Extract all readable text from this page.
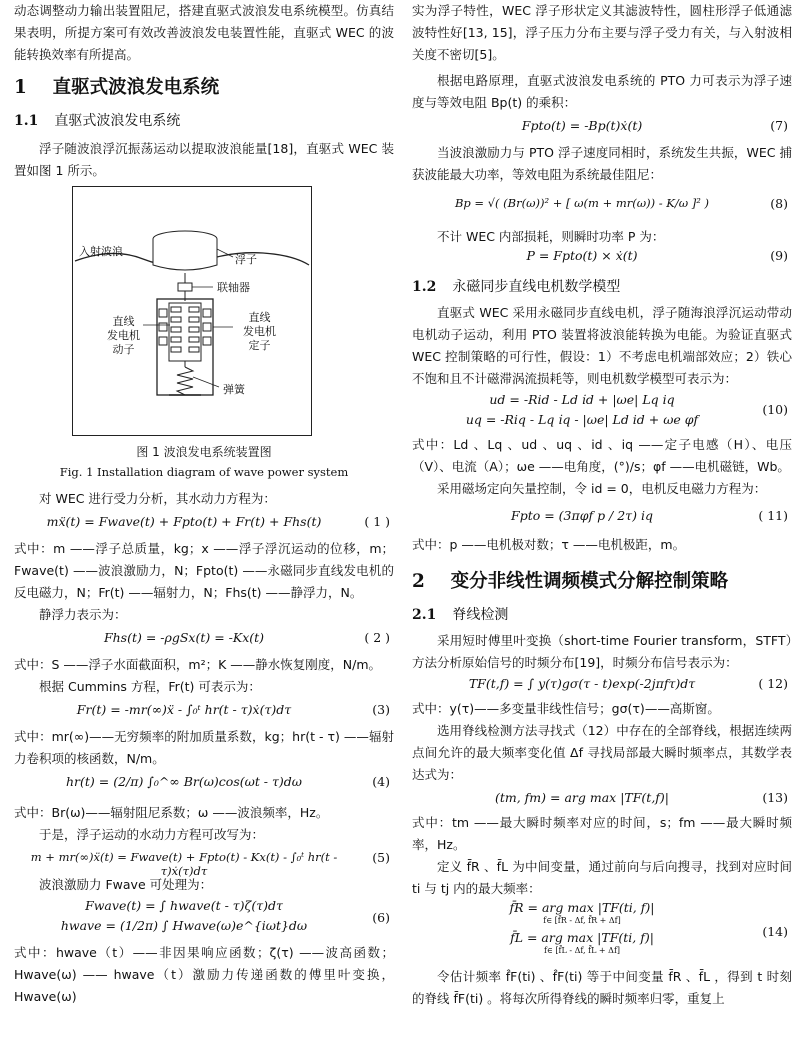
动态调整动力输出装置阻尼，搭建直驱式波浪发电系统模型。仿真结果表明，所提方案可有效改善波浪发电装置性能，直驱式 WEC 的波能转换效率有所提高。

1 直驱式波浪发电系统
1.1 直驱式波浪发电系统

浮子随波浪浮沉振荡运动以提取波浪能量[18]，直驱式 WEC 装置如图 1 所示。

入射波浪
浮子
联轴器
直线
发电机
动子
直线
发电机
定子
弹簧

图 1 波浪发电系统装置图

Fig. 1 Installation diagram of wave power system

对 WEC 进行受力分析，其水动力方程为：

mẍ(t) = Fwave(t) + Fpto(t) + Fr(t) + Fhs(t)	( 1 )

式中：m ——浮子总质量，kg；x ——浮子浮沉运动的位移，m；Fwave(t) ——波浪激励力，N；Fpto(t) ——永磁同步直线发电机的反电磁力，N；Fr(t) ——辐射力，N；Fhs(t) ——静浮力，N。

静浮力表示为：

Fhs(t) = -ρgSx(t) = -Kx(t)	( 2 )

式中：S ——浮子水面截面积，m²；K ——静水恢复刚度，N/m。

根据 Cummins 方程，Fr(t) 可表示为：

Fr(t) = -mr(∞)ẍ - ∫₀ᵗ hr(t - τ)ẋ(τ)dτ	(3)

式中：mr(∞)——无穷频率的附加质量系数，kg；hr(t - τ) ——辐射力卷积项的核函数，N/m。

hr(t) = (2/π) ∫₀^∞ Br(ω)cos(ωt - τ)dω	(4)

式中：Br(ω)——辐射阻尼系数；ω ——波浪频率，Hz。

于是，浮子运动的水动力方程可改写为：

m + mr(∞)ẍ(t) = Fwave(t) + Fpto(t) - Kx(t) - ∫₀ᵗ hr(t - τ)ẋ(τ)dτ
(5)

波浪激励力 Fwave 可处理为：

Fwave(t) = ∫ hwave(t - τ)ζ(τ)dτ
hwave = (1/2π) ∫ Hwave(ω)e^{iωt}dω
(6)

式中：hwave（t）——非因果响应函数；ζ(τ) ——波高函数；Hwave(ω) —— hwave（t）激励力传递函数的傅里叶变换，Hwave(ω)

实为浮子特性，WEC 浮子形状定义其滤波特性，圆柱形浮子低通滤波特性好[13, 15]，浮子压力分布主要与浮子受力有关，与入射波相关度不密切[5]。

根据电路原理，直驱式波浪发电系统的 PTO 力可表示为浮子速度与等效电阻 Bp(t) 的乘积：

Fpto(t) = -Bp(t)ẋ(t)	(7)

当波浪激励力与 PTO 浮子速度同相时，系统发生共振，WEC 捕获波能最大功率，等效电阻为系统最佳阻尼：

Bp = √( (Br(ω))² + [ ω(m + mr(ω)) - K/ω ]² )	(8)

不计 WEC 内部损耗，则瞬时功率 P 为：

P = Fpto(t) × ẋ(t)	(9)
1.2 永磁同步直线电机数学模型

直驱式 WEC 采用永磁同步直线电机，浮子随海浪浮沉运动带动电机动子运动，利用 PTO 装置将波浪能转换为电能。为验证直驱式 WEC 控制策略的可行性，假设：1）不考虑电机端部效应；2）铁心不饱和且不计磁滞涡流损耗等，则电机数学模型可表示为：

ud = -Rid - Ld i̇d + |ωe| Lq iq
uq = -Riq - Lq i̇q - |ωe| Ld id + ωe φf
(10)

式中：Ld 、Lq 、ud 、uq 、id 、iq ——定子电感（H）、电压（V）、电流（A）；ωe ——电角度，(°)/s；φf ——电机磁链，Wb。

采用磁场定向矢量控制，令 id = 0，电机反电磁力方程为：

Fpto = (3πφf p / 2τ) iq	( 11)

式中：p ——电机极对数；τ ——电机极距，m。

2 变分非线性调频模式分解控制策略
2.1 脊线检测

采用短时傅里叶变换（short-time Fourier transform，STFT）方法分析原始信号的时频分布[19]，时频分布信号表示为：

TF(t,f) = ∫ y(τ)gσ(τ - t)exp(-2jπfτ)dτ	( 12)

式中：y(τ)——多变量非线性信号；gσ(τ)——高斯窗。

选用脊线检测方法寻找式（12）中存在的全部脊线，根据连续两点间允许的最大频率变化值 Δf 寻找局部最大瞬时频率点，其数学表达式为：

(tm, fm) = arg max |TF(t,f)|	(13)

式中：tm ——最大瞬时频率对应的时间，s；fm ——最大瞬时频率，Hz。

定义 f̄R 、f̄L 为中间变量，通过前向与后向搜寻，找到对应时间 ti 与 tj 内的最大频率：

f̄R = arg max |TF(ti, f)|
f∈ [f̄R - Δf, f̄R + Δf]
f̄L = arg max |TF(ti, f)|
f∈ [f̄L - Δf, f̄L + Δf]
(14)

令估计频率 f̂F(ti) 、f̂F(ti) 等于中间变量 f̄R 、f̄L ，得到 t 时刻的脊线 f̄F(ti) 。将每次所得脊线的瞬时频率归零，重复上
